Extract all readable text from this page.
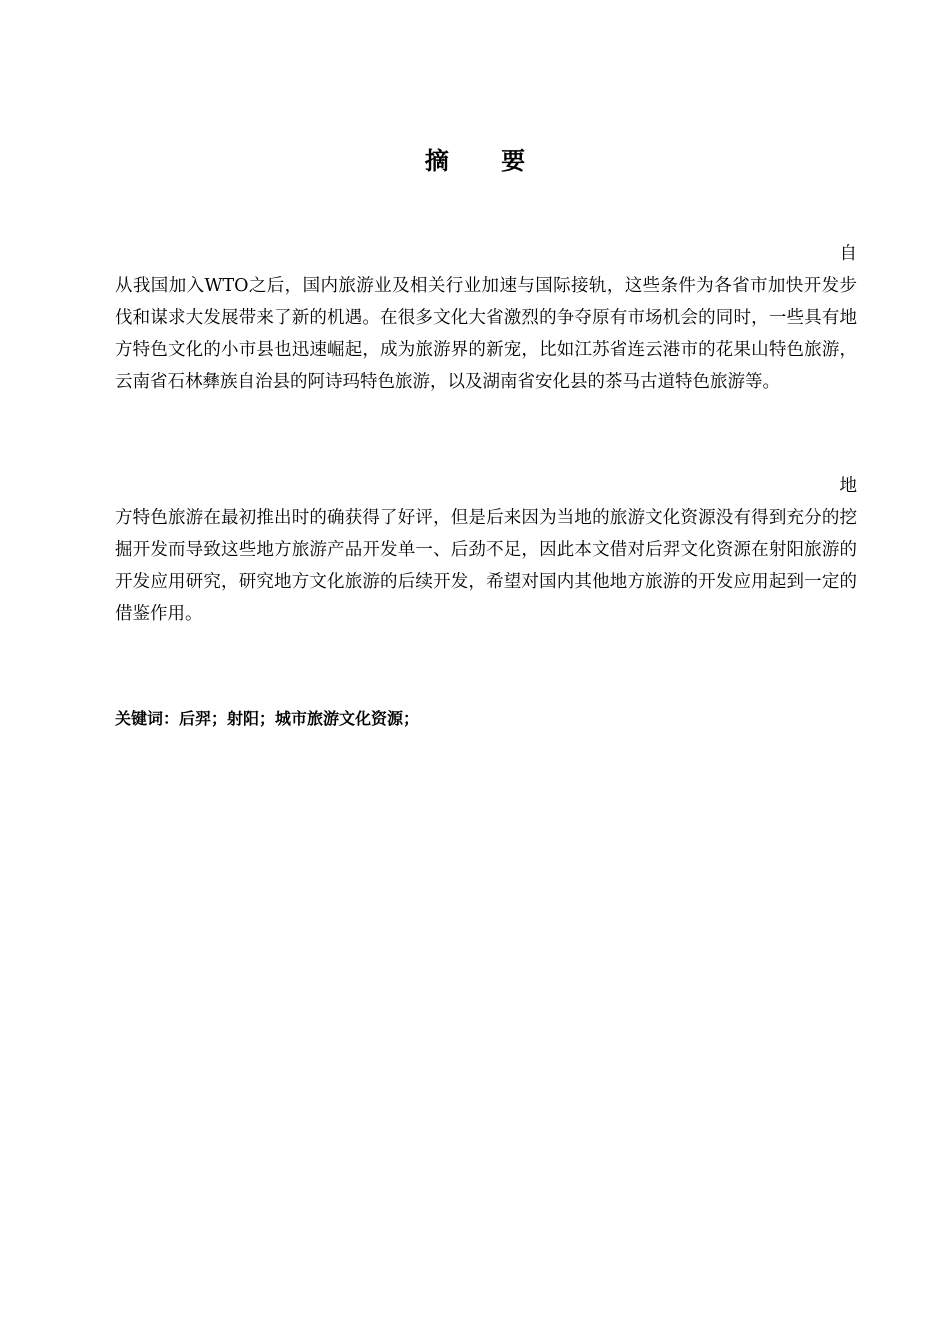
摘 要
自
从我国加入WTO之后，国内旅游业及相关行业加速与国际接轨，这些条件为各省市加快开发步伐和谋求大发展带来了新的机遇。在很多文化大省激烈的争夺原有市场机会的同时，一些具有地方特色文化的小市县也迅速崛起，成为旅游界的新宠，比如江苏省连云港市的花果山特色旅游，云南省石林彝族自治县的阿诗玛特色旅游，以及湖南省安化县的茶马古道特色旅游等。
地
方特色旅游在最初推出时的确获得了好评，但是后来因为当地的旅游文化资源没有得到充分的挖掘开发而导致这些地方旅游产品开发单一、后劲不足，因此本文借对后羿文化资源在射阳旅游的开发应用研究，研究地方文化旅游的后续开发，希望对国内其他地方旅游的开发应用起到一定的借鉴作用。
关键词：后羿；射阳；城市旅游文化资源；
